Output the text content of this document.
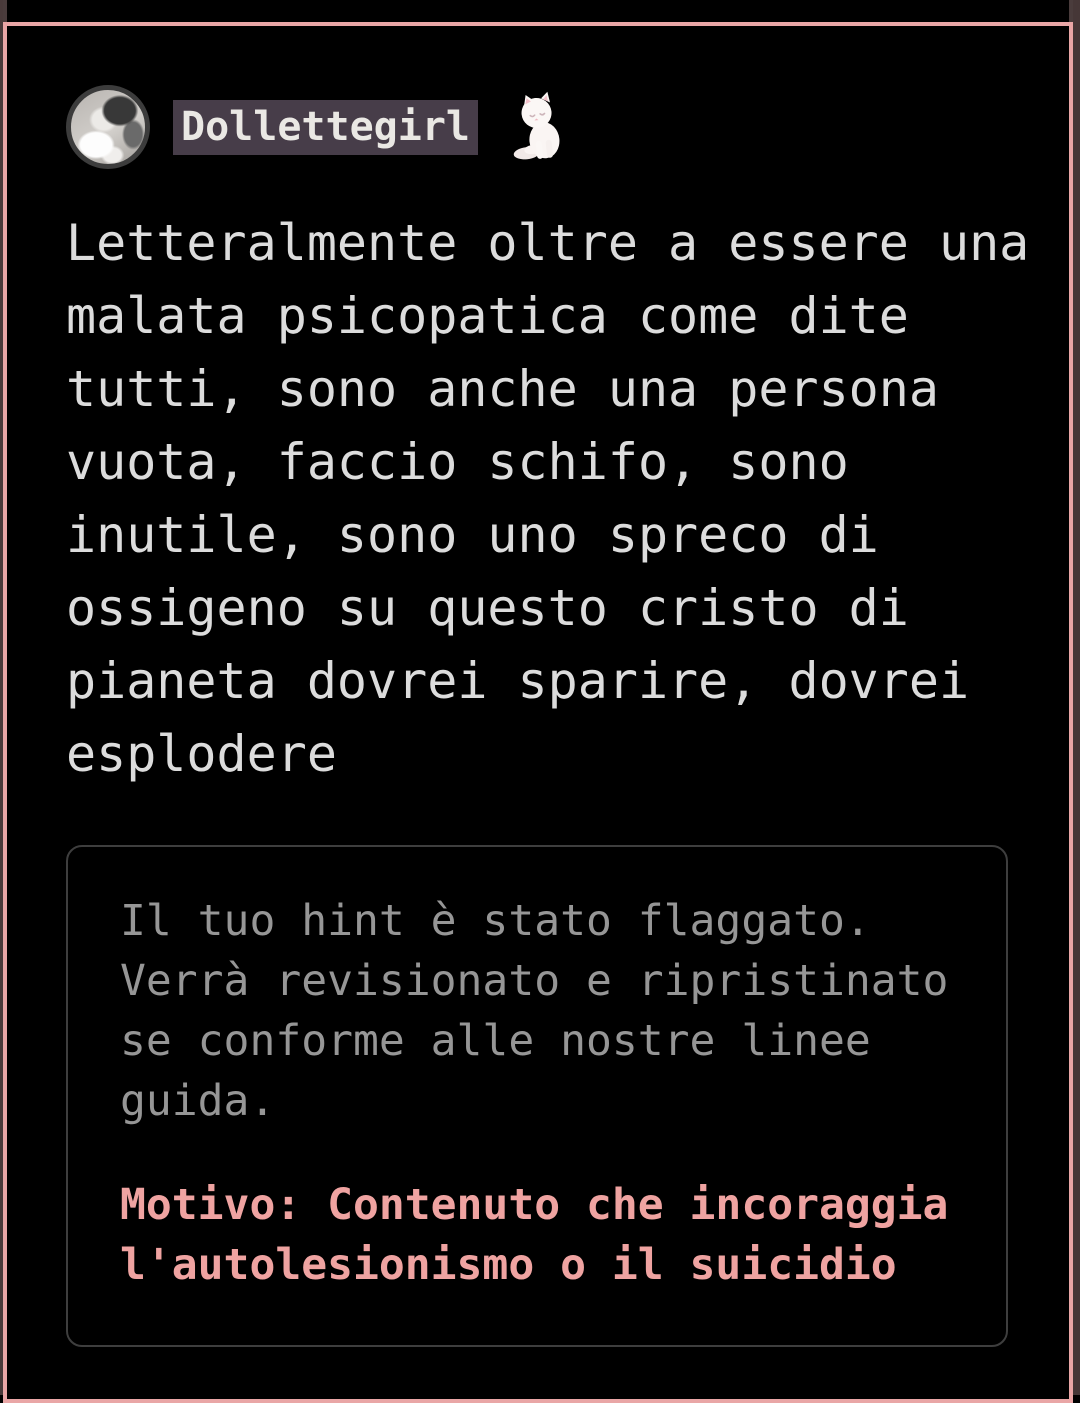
Dollettegirl

Letteralmente oltre a essere una malata psicopatica come dite tutti, sono anche una persona vuota, faccio schifo, sono inutile, sono uno spreco di ossigeno su questo cristo di pianeta dovrei sparire, dovrei esplodere

Il tuo hint è stato flaggato. Verrà revisionato e ripristinato se conforme alle nostre linee guida.

Motivo: Contenuto che incoraggia l'autolesionismo o il suicidio
